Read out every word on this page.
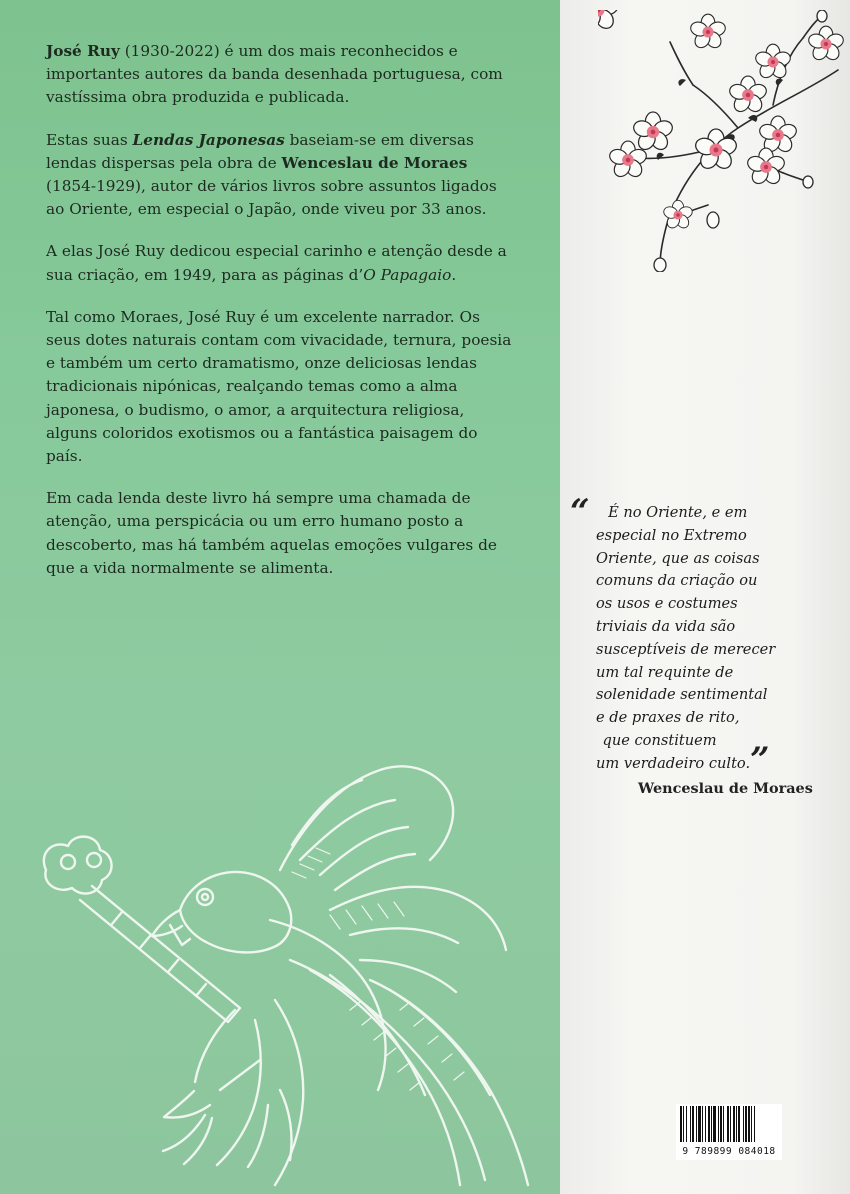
José Ruy (1930-2022) é um dos mais reconhecidos e importantes autores da banda desenhada portuguesa, com vastíssima obra produzida e publicada.

Estas suas Lendas Japonesas baseiam-se em diversas lendas dispersas pela obra de Wenceslau de Moraes (1854-1929), autor de vários livros sobre assuntos ligados ao Oriente, em especial o Japão, onde viveu por 33 anos.

A elas José Ruy dedicou especial carinho e atenção desde a sua criação, em 1949, para as páginas d’O Papagaio.

Tal como Moraes, José Ruy é um excelente narrador. Os seus dotes naturais contam com vivacidade, ternura, poesia e também um certo dramatismo, onze deliciosas lendas tradicionais nipónicas, realçando temas como a alma japonesa, o budismo, o amor, a arquitectura religiosa, alguns coloridos exotismos ou a fantástica paisagem do país.

Em cada lenda deste livro há sempre uma chamada de atenção, uma perspicácia ou um erro humano posto a descoberto, mas há também aquelas emoções vulgares de que a vida normalmente se alimenta.

“	É no Oriente, e em
especial no Extremo
Oriente, que as coisas
comuns da criação ou
os usos e costumes
triviais da vida são
susceptíveis de merecer
um tal requinte de
solenidade sentimental
e de praxes de rito,
que constituem
um verdadeiro culto. ”
Wenceslau de Moraes
9 789899 084018
